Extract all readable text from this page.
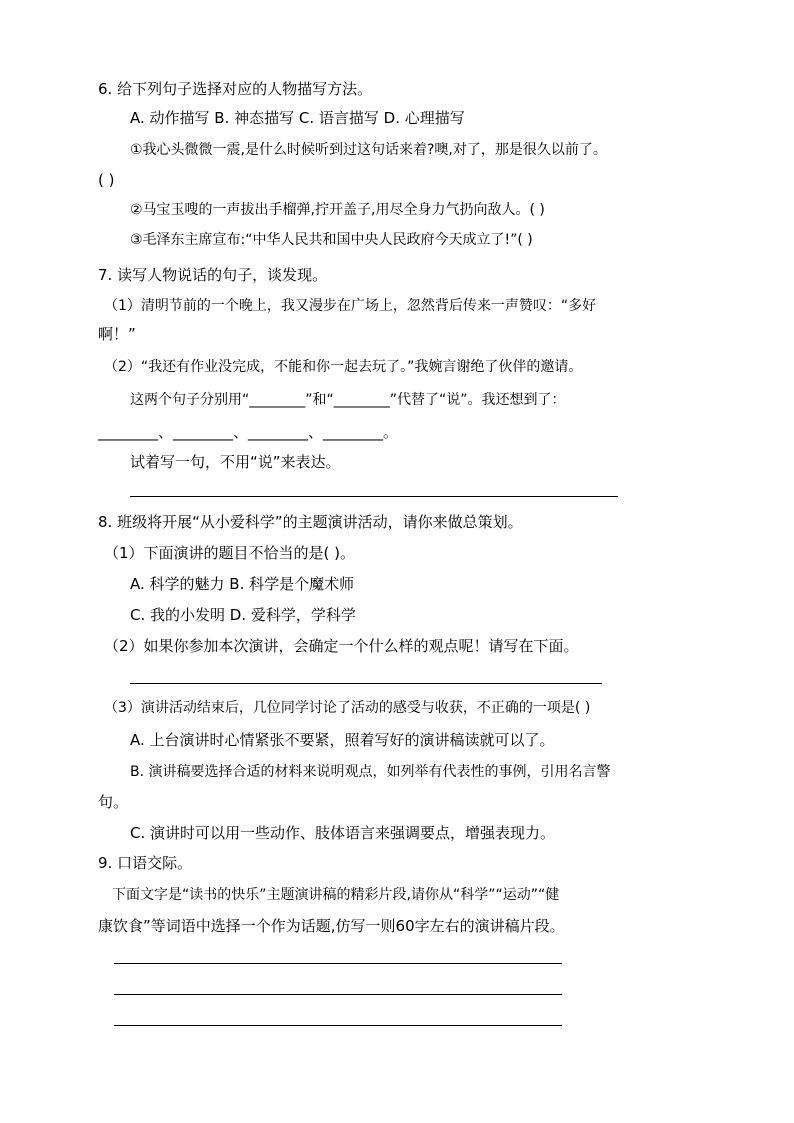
6. 给下列句子选择对应的人物描写方法。
A. 动作描写 B. 神态描写 C. 语言描写 D. 心理描写
①我心头微微一震,是什么时候听到过这句话来着?噢,对了，那是很久以前了。
( )
②马宝玉嗖的一声拔出手榴弹,拧开盖子,用尽全身力气扔向敌人。( )
③毛泽东主席宣布:“中华人民共和国中央人民政府今天成立了!”( )
7. 读写人物说话的句子，谈发现。
（1）清明节前的一个晚上，我又漫步在广场上，忽然背后传来一声赞叹：“多好
啊！”
（2）“我还有作业没完成，不能和你一起去玩了。”我婉言谢绝了伙伴的邀请。
这两个句子分别用“________”和“________”代替了“说”。我还想到了：
________、________、________、________。
试着写一句，不用“说”来表达。
8. 班级将开展“从小爱科学”的主题演讲活动，请你来做总策划。
（1）下面演讲的题目不恰当的是( )。
A. 科学的魅力 B. 科学是个魔术师
C. 我的小发明 D. 爱科学，学科学
（2）如果你参加本次演讲，会确定一个什么样的观点呢！请写在下面。
（3）演讲活动结束后，几位同学讨论了活动的感受与收获，不正确的一项是( )
A. 上台演讲时心情紧张不要紧，照着写好的演讲稿读就可以了。
B. 演讲稿要选择合适的材料来说明观点，如列举有代表性的事例，引用名言警
句。
C. 演讲时可以用一些动作、肢体语言来强调要点，增强表现力。
9. 口语交际。
下面文字是“读书的快乐”主题演讲稿的精彩片段,请你从“科学”“运动”“健
康饮食”等词语中选择一个作为话题,仿写一则60字左右的演讲稿片段。
